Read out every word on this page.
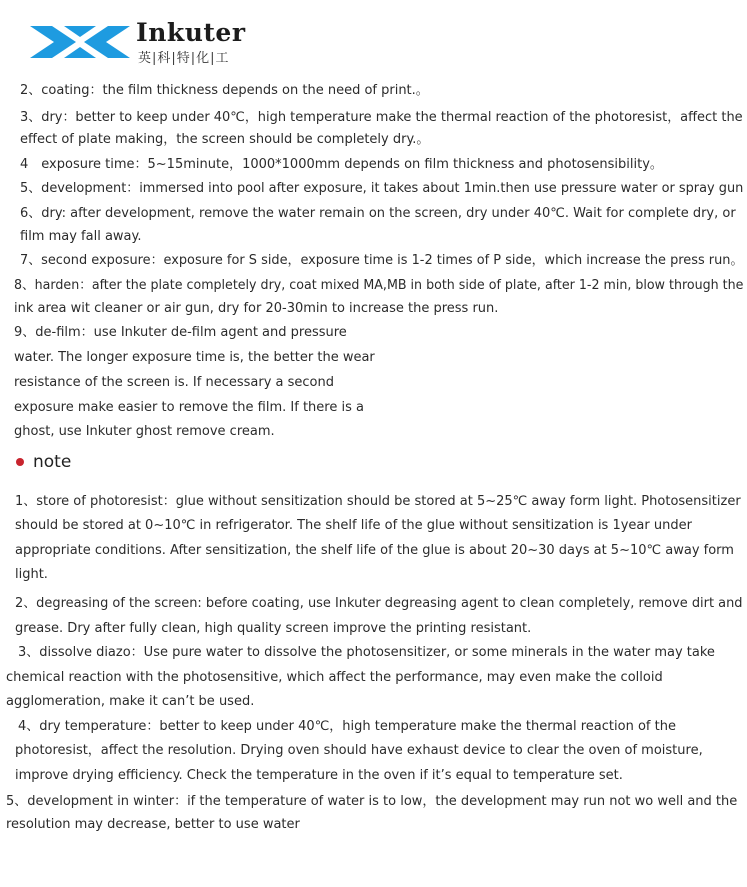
Inkuter
英|科|特|化|工
2、coating：the film thickness depends on the need of print.。
3、dry：better to keep under 40℃，high temperature make the thermal reaction of the photoresist，affect the
effect of plate making，the screen should be completely dry.。
4　exposure time：5~15minute，1000*1000mm depends on film thickness and photosensibility。
5、development：immersed into pool after exposure, it takes about 1min.then use pressure water or spray gun
6、dry: after development, remove the water remain on the screen, dry under 40℃. Wait for complete dry, or
film may fall away.
7、second exposure：exposure for S side，exposure time is 1-2 times of P side，which increase the press run。
8、harden：after the plate completely dry, coat mixed MA,MB in both side of plate, after 1-2 min, blow through the
ink area wit cleaner or air gun, dry for 20-30min to increase the press run.
9、de-film：use Inkuter de-film agent and pressure
water. The longer exposure time is, the better the wear
resistance of the screen is. If necessary a second
exposure make easier to remove the film. If there is a
ghost, use Inkuter ghost remove cream.
note
1、store of photoresist：glue without sensitization should be stored at 5~25℃ away form light. Photosensitizer
should be stored at 0~10℃ in refrigerator. The shelf life of the glue without sensitization is 1year under
appropriate conditions. After sensitization, the shelf life of the glue is about 20~30 days at 5~10℃ away form
light.
2、degreasing of the screen: before coating, use Inkuter degreasing agent to clean completely, remove dirt and
grease. Dry after fully clean, high quality screen improve the printing resistant.
3、dissolve diazo：Use pure water to dissolve the photosensitizer, or some minerals in the water may take
chemical reaction with the photosensitive, which affect the performance, may even make the colloid
agglomeration, make it can’t be used.
4、dry temperature：better to keep under 40℃，high temperature make the thermal reaction of the
photoresist，affect the resolution. Drying oven should have exhaust device to clear the oven of moisture,
improve drying efficiency. Check the temperature in the oven if it’s equal to temperature set.
5、development in winter：if the temperature of water is to low，the development may run not wo well and the
resolution may decrease, better to use water
